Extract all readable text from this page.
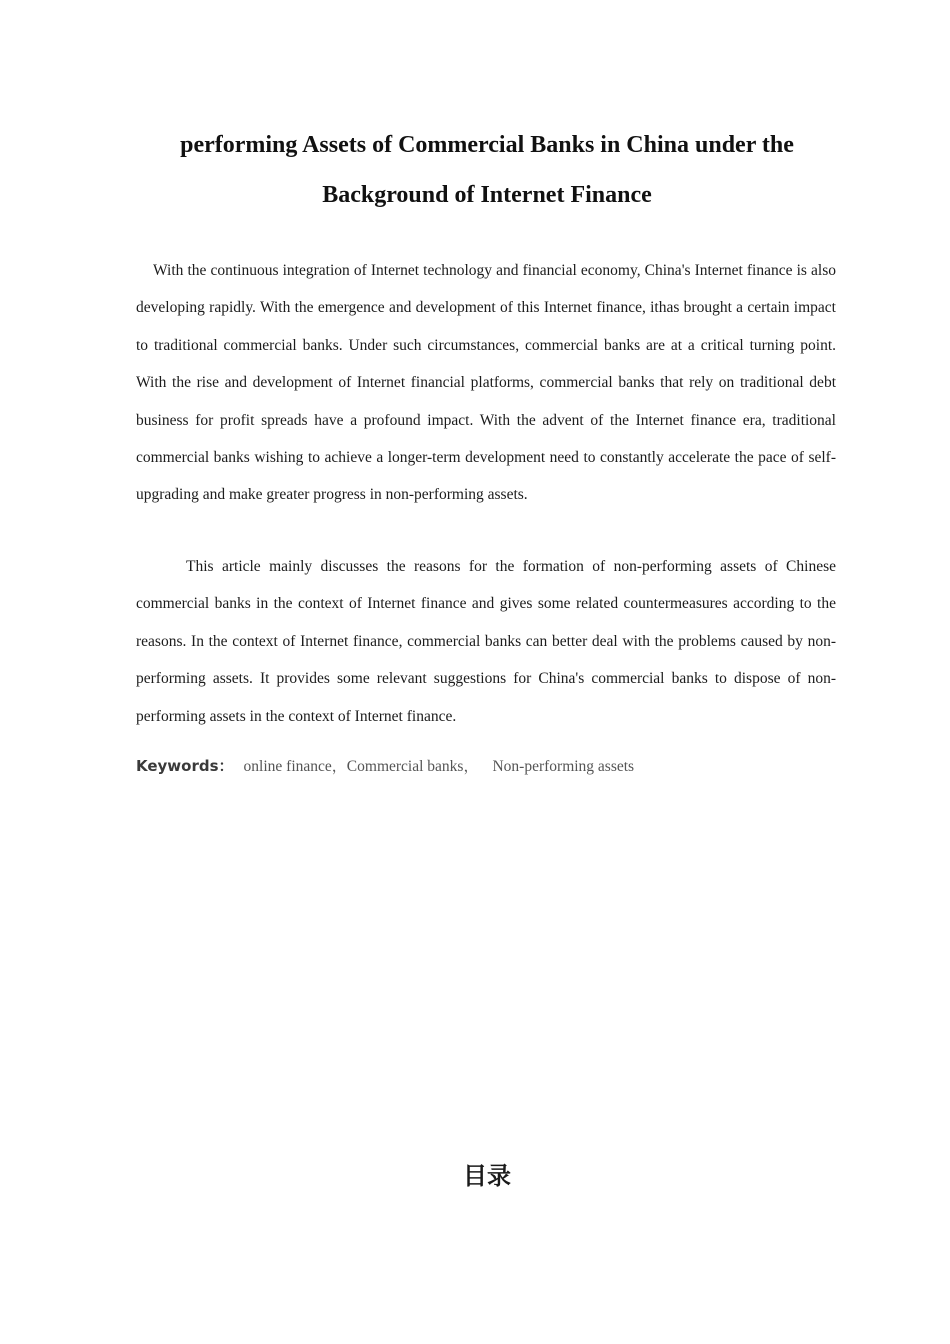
performing Assets of Commercial Banks in China under the
Background of Internet Finance

With the continuous integration of Internet technology and financial economy, China's Internet finance is also developing rapidly. With the emergence and development of this Internet finance, ithas brought a certain impact to traditional commercial banks. Under such circumstances, commercial banks are at a critical turning point. With the rise and development of Internet financial platforms, commercial banks that rely on traditional debt business for profit spreads have a profound impact. With the advent of the Internet finance era, traditional commercial banks wishing to achieve a longer-term development need to constantly accelerate the pace of self-upgrading and make greater progress in non-performing assets.

This article mainly discusses the reasons for the formation of non-performing assets of Chinese commercial banks in the context of Internet finance and gives some related countermeasures according to the reasons. In the context of Internet finance, commercial banks can better deal with the problems caused by non-performing assets. It provides some relevant suggestions for China's commercial banks to dispose of non-performing assets in the context of Internet finance.

Keywords： online finance，Commercial banks， Non-performing assets
目录
